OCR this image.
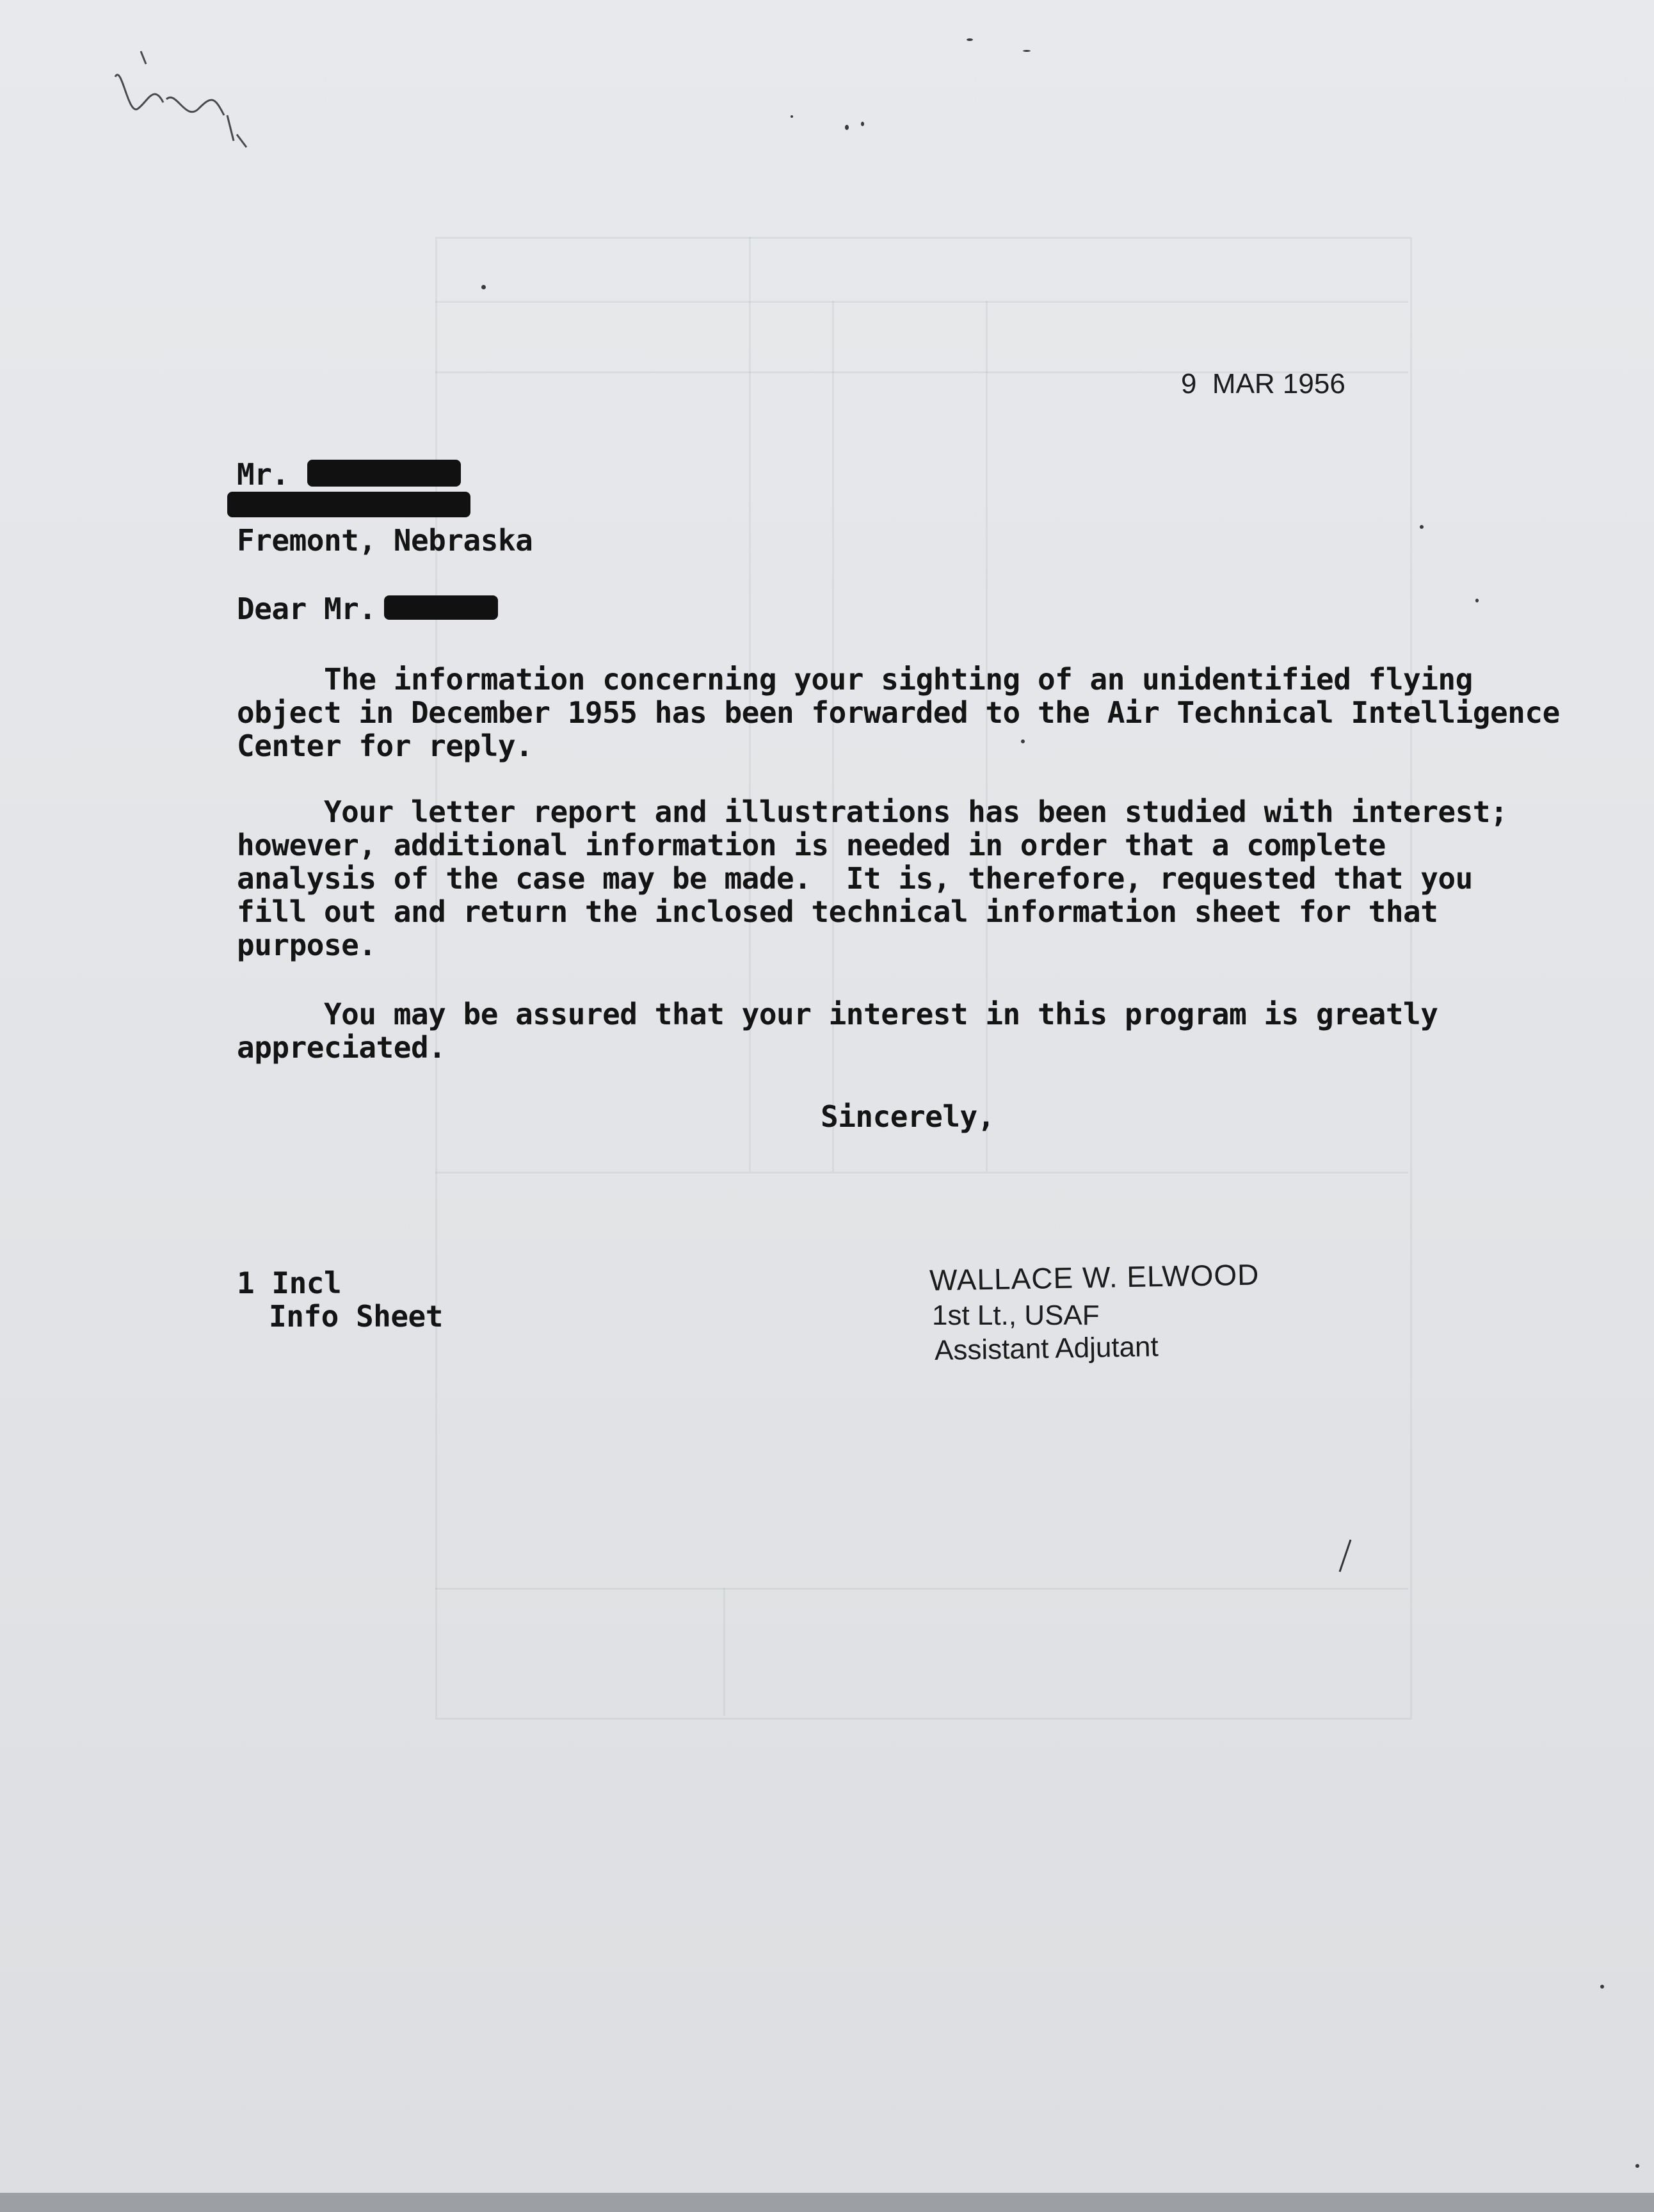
9  MAR 1956
Mr.
Fremont, Nebraska
Dear Mr.
The information concerning your sighting of an unidentified flying
object in December 1955 has been forwarded to the Air Technical Intelligence
Center for reply.
Your letter report and illustrations has been studied with interest;
however, additional information is needed in order that a complete
analysis of the case may be made.  It is, therefore, requested that you
fill out and return the inclosed technical information sheet for that
purpose.
You may be assured that your interest in this program is greatly
appreciated.
Sincerely,
1 Incl
Info Sheet
WALLACE W. ELWOOD
1st Lt., USAF
Assistant Adjutant
